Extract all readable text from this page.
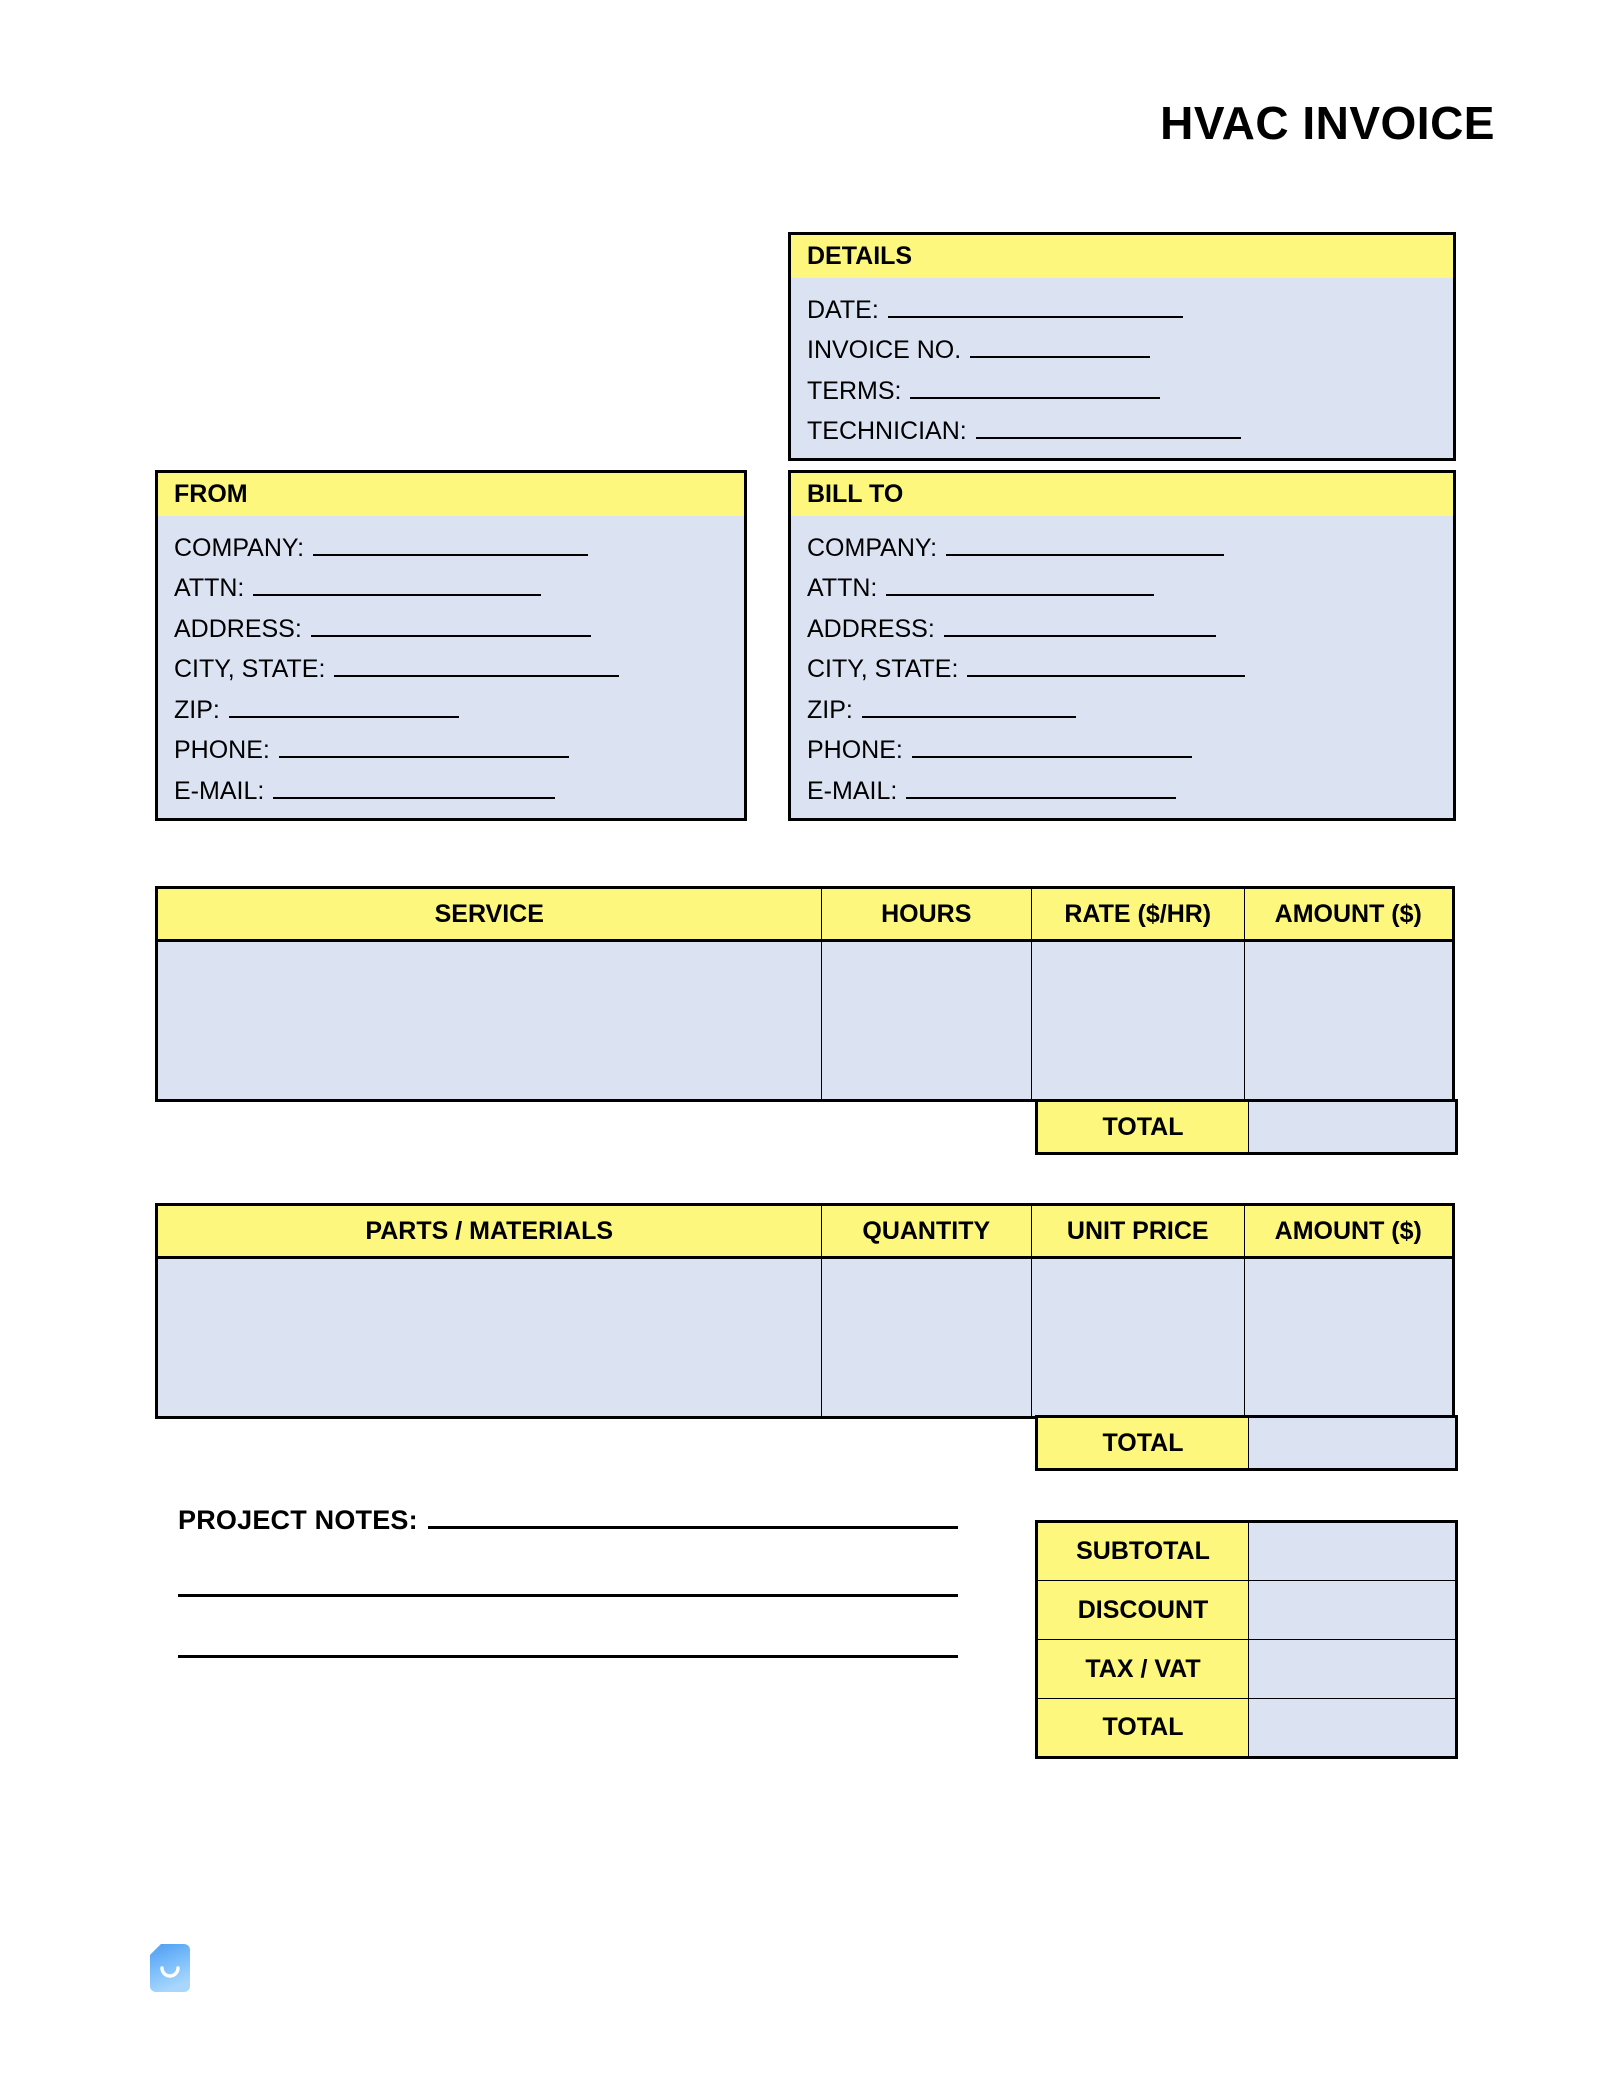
HVAC INVOICE
DETAILS
DATE:
INVOICE NO.
TERMS:
TECHNICIAN:
FROM
COMPANY:
ATTN:
ADDRESS:
CITY, STATE:
ZIP:
PHONE:
E-MAIL:
BILL TO
COMPANY:
ATTN:
ADDRESS:
CITY, STATE:
ZIP:
PHONE:
E-MAIL:
SERVICE	HOURS	RATE ($/HR)	AMOUNT ($)

TOTAL	
PARTS / MATERIALS	QUANTITY	UNIT PRICE	AMOUNT ($)

TOTAL	
PROJECT NOTES:
SUBTOTAL	
DISCOUNT	
TAX / VAT	
TOTAL	
